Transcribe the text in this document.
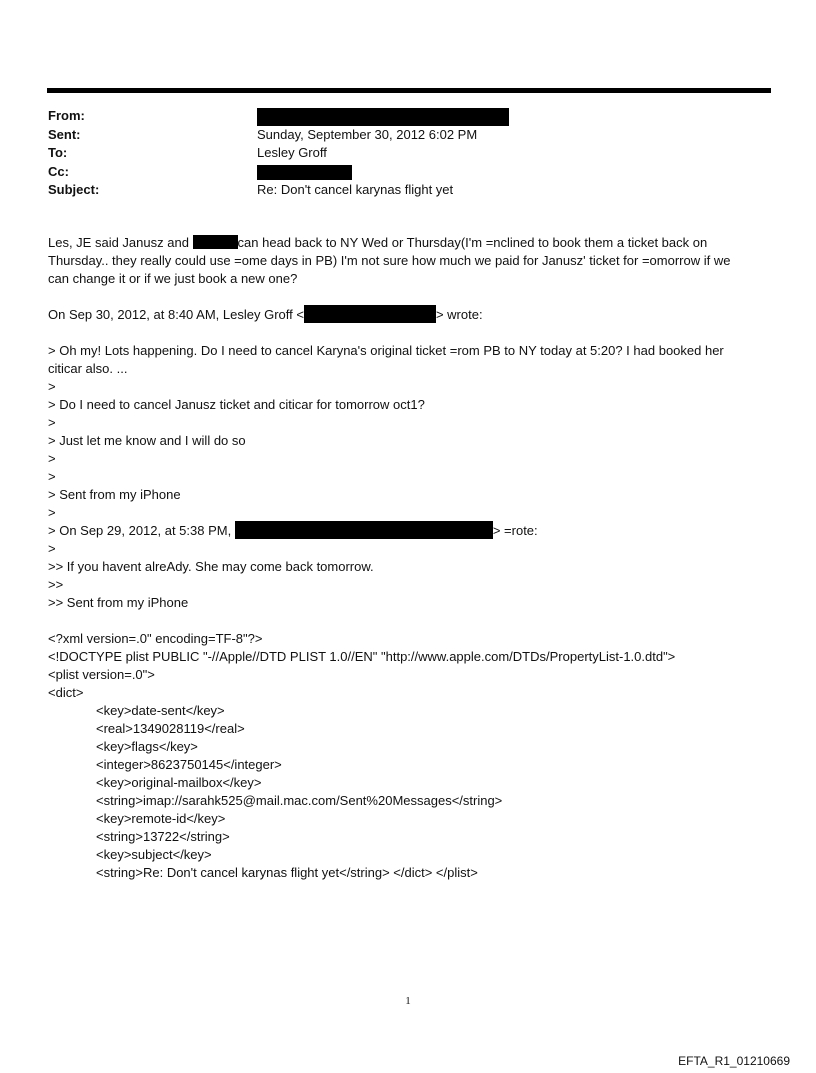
From:
Sent:	Sunday, September 30, 2012 6:02 PM
To:	Lesley Groff
Cc:
Subject:	Re: Don't cancel karynas flight yet

Les, JE said Janusz and	can head back to NY Wed or Thursday(I'm =nclined to book them a ticket back on

Thursday.. they really could use =ome days in PB) I'm not sure how much we paid for Janusz' ticket for =omorrow if we

can change it or if we just book a new one?

On Sep 30, 2012, at 8:40 AM, Lesley Groff <	> wrote:

> Oh my! Lots happening. Do I need to cancel Karyna's original ticket =rom PB to NY today at 5:20? I had booked her

citicar also. ...

>

> Do I need to cancel Janusz ticket and citicar for tomorrow oct1?

>

> Just let me know and I will do so

>

>

> Sent from my iPhone

>

> On Sep 29, 2012, at 5:38 PM,	> =rote:

>

>> If you havent alreAdy. She may come back tomorrow.

>>

>> Sent from my iPhone

<?xml version=.0" encoding=TF-8"?>

<!DOCTYPE plist PUBLIC "-//Apple//DTD PLIST 1.0//EN" "http://www.apple.com/DTDs/PropertyList-1.0.dtd">

<plist version=.0">

<dict>

<key>date-sent</key>

<real>1349028119</real>

<key>flags</key>

<integer>8623750145</integer>

<key>original-mailbox</key>

<string>imap://sarahk525@mail.mac.com/Sent%20Messages</string>

<key>remote-id</key>

<string>13722</string>

<key>subject</key>

<string>Re: Don't cancel karynas flight yet</string> </dict> </plist>

1
EFTA_R1_01210669
